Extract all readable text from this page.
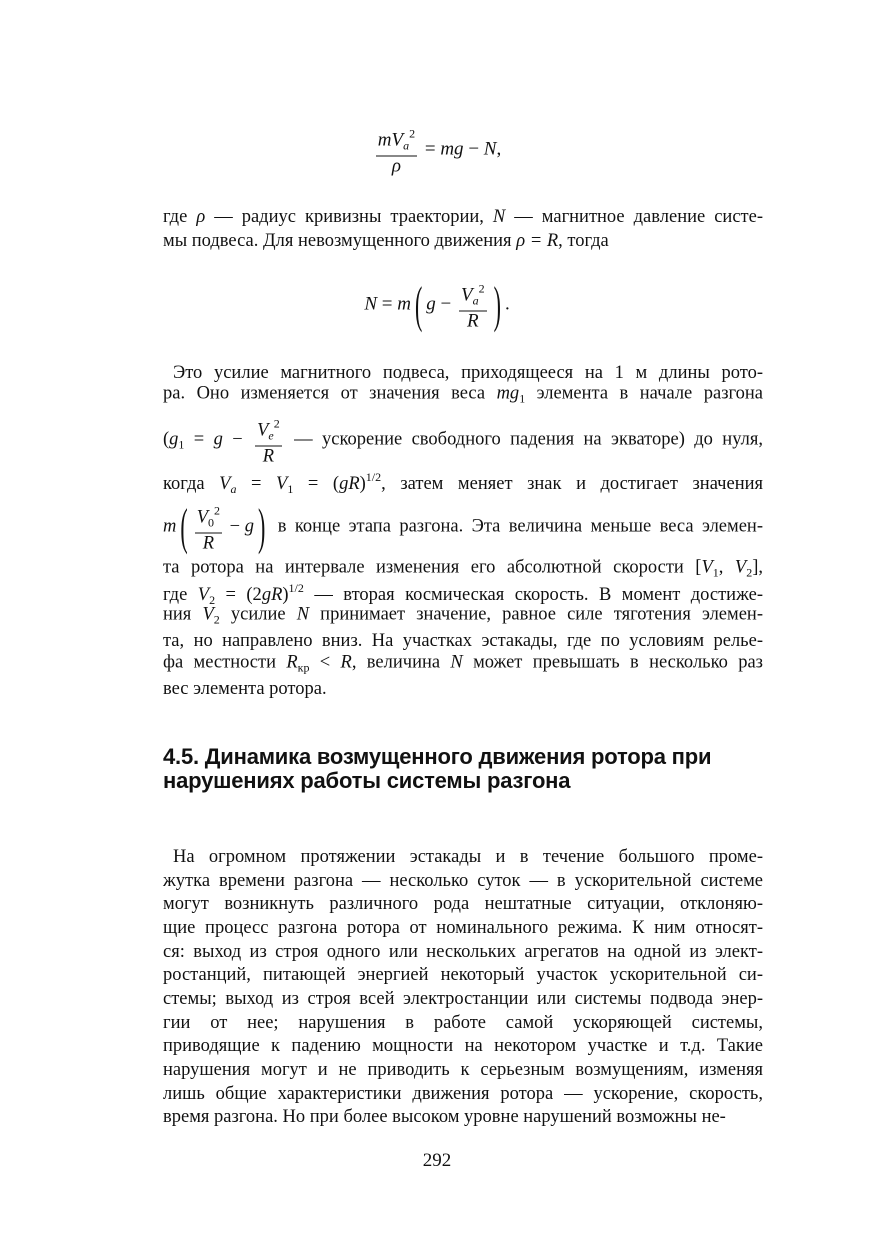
$\frac{mV_a^2}{\rho}$ = mg − N,
где ρ — радиус кривизны траектории, N — магнитное давление систе-
мы подвеса. Для невозмущенного движения ρ = R, тогда
N = m ( $g - \frac{V_a^2}{R}$ ) .
Это усилие магнитного подвеса, приходящееся на 1 м длины рото-
ра. Оно изменяется от значения веса $mg_1$ элемента в начале разгона
($g_1 = g - \frac{V_e^2}{R}$ — ускорение свободного падения на экваторе) до нуля,
когда $V_a = V_1 = (gR)^{1/2}$, затем меняет знак и достигает значения
m ( $\frac{V_0^2}{R} - g$ ) в конце этапа разгона. Эта величина меньше веса элемен-
та ротора на интервале изменения его абсолютной скорости [$V_1$, $V_2$],
где $V_2 = (2gR)^{1/2}$ — вторая космическая скорость. В момент достиже-
ния $V_2$ усилие N принимает значение, равное силе тяготения элемен-
та, но направлено вниз. На участках эстакады, где по условиям релье-
фа местности $R_{кр} < R$, величина N может превышать в несколько раз
вес элемента ротора.
4.5. Динамика возмущенного движения ротора при
нарушениях работы системы разгона
На огромном протяжении эстакады и в течение большого проме-
жутка времени разгона — несколько суток — в ускорительной системе
могут возникнуть различного рода нештатные ситуации, отклоняю-
щие процесс разгона ротора от номинального режима. К ним относят-
ся: выход из строя одного или нескольких агрегатов на одной из элект-
ростанций, питающей энергией некоторый участок ускорительной си-
стемы; выход из строя всей электростанции или системы подвода энер-
гии от нее; нарушения в работе самой ускоряющей системы,
приводящие к падению мощности на некотором участке и т.д. Такие
нарушения могут и не приводить к серьезным возмущениям, изменяя
лишь общие характеристики движения ротора — ускорение, скорость,
время разгона. Но при более высоком уровне нарушений возможны не-
292
